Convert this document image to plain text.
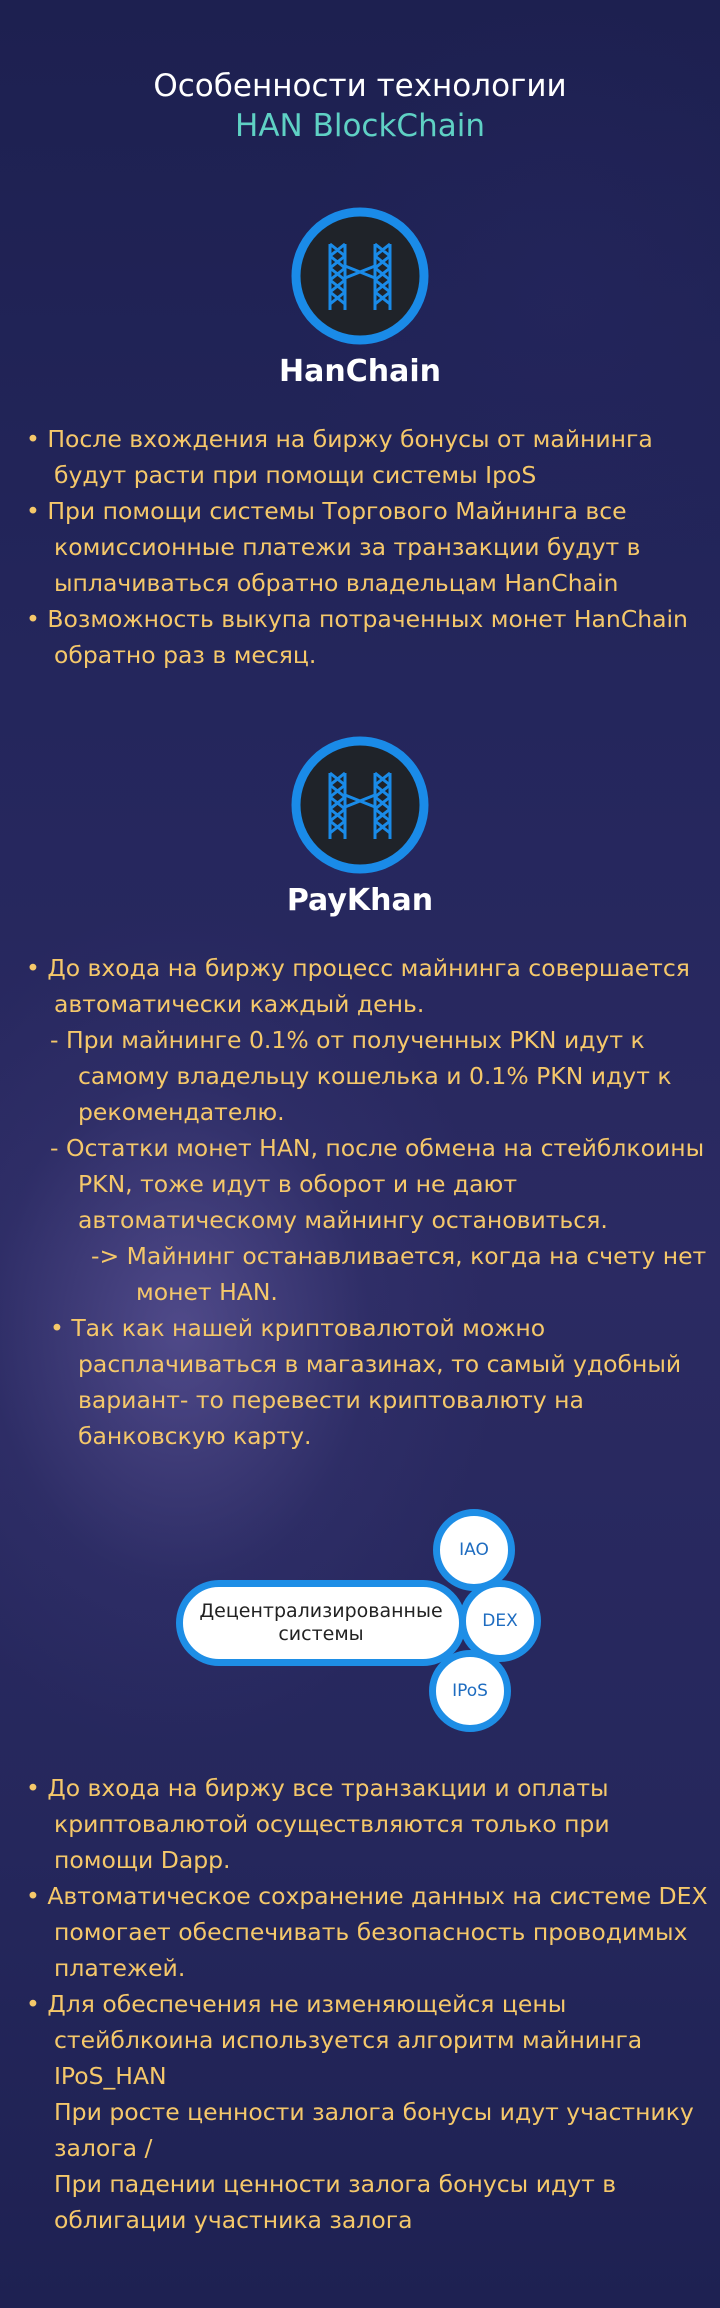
Особенности технологии
HAN BlockChain
HanChain

• После вхождения на биржу бонусы от майнинга будут расти при помощи системы IpoS

• При помощи системы Торгового Майнинга все комиссионные платежи за транзакции будут в ыплачиваться обратно владельцам HanChain

• Возможность выкупа потраченных монет HanChain обратно раз в месяц.

PayKhan

• До входа на биржу процесс майнинга совершается автоматически каждый день.

- При майнинге 0.1% от полученных PKN идут к самому владельцу кошелька и 0.1% PKN идут к рекомендателю.

- Остатки монет HAN, после обмена на стейблкоины PKN, тоже идут в оборот и не дают автоматическому майнингу остановиться.

-> Майнинг останавливается, когда на счету нет монет HAN.

• Так как нашей криптовалютой можно расплачиваться в магазинах, то самый удобный вариант- то перевести криптовалюту на банковскую карту.

Децентрализированные системы
IAO
DEX
IPoS

• До входа на биржу все транзакции и оплаты криптовалютой осуществляются только при помощи Dapp.

• Автоматическое сохранение данных на системе DEX помогает обеспечивать безопасность проводимых платежей.

• Для обеспечения не изменяющейся цены стейблкоина используется алгоритм майнинга IPoS_HAN

При росте ценности залога бонусы идут участнику залога /

При падении ценности залога бонусы идут в облигации участника залога
